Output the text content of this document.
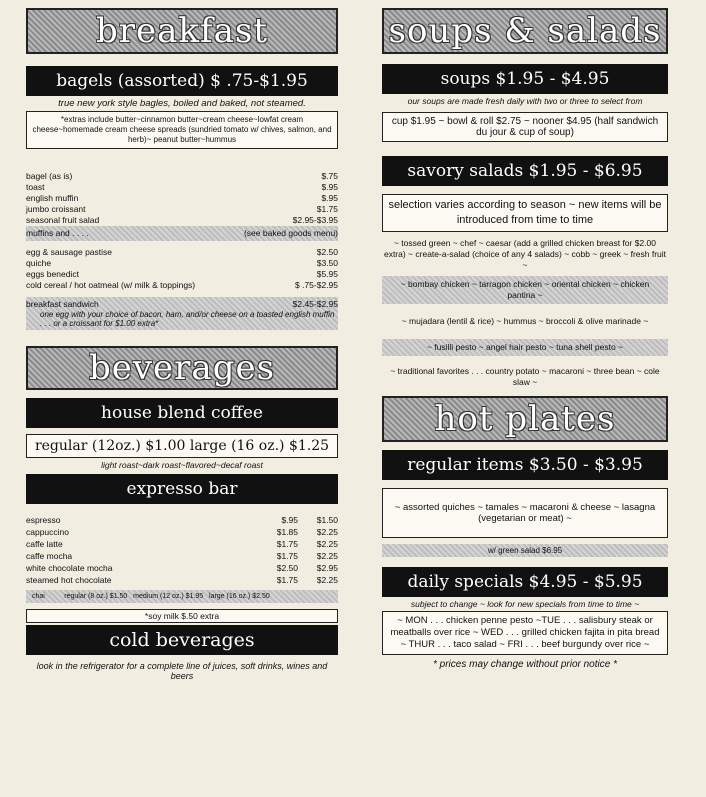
breakfast
bagels (assorted) $ .75-$1.95
true new york style bagles, boiled and baked, not steamed.
*extras include butter~cinnamon butter~cream cheese~lowfat cream cheese~homemade cream cheese spreads (sundried tomato w/ chives, salmon, and herb)~ peanut butter~hummus
bagel (as is)	$.75
toast	$.95
english muffin	$.95
jumbo croissant	$1.75
seasonal fruit salad	$2.95-$3.95
muffins and . . . .	(see baked goods menu)
egg & sausage pastise	$2.50
quiche	$3.50
eggs benedict	$5.95
cold cereal / hot oatmeal (w/ milk & toppings)	$ .75-$2.95
breakfast sandwich	$2.45-$2.95
one egg with your choice of bacon, ham, and/or cheese on a toasted english muffin . . . or a croissant for $1.00 extra*
beverages
house blend coffee
regular (12oz.) $1.00 large (16 oz.) $1.25
light roast~dark roast~flavored~decaf roast
expresso bar
espresso	$.95	$1.50
cappuccino	$1.85	$2.25
caffe latte	$1.75	$2.25
caffe mocha	$1.75	$2.25
white chocolate mocha	$2.50	$2.95
steamed hot chocolate	$1.75	$2.25
chai          regular (8 oz.) $1.50   medium (12 oz.) $1.95   large (16 oz.) $2.50
*soy milk $.50 extra
cold beverages
look in the refrigerator for a complete line of juices, soft drinks, wines and beers
soups & salads
soups $1.95 - $4.95
our soups are made fresh daily with two or three to select from
cup $1.95 ~ bowl & roll $2.75 ~ nooner $4.95 (half sandwich du jour & cup of soup)
savory salads $1.95 - $6.95
selection varies according to season ~ new items will be introduced from time to time
~ tossed green ~ chef ~ caesar (add a grilled chicken breast for $2.00 extra) ~ create-a-salad (choice of any 4 salads) ~ cobb ~ greek ~ fresh fruit ~
~ bombay chicken ~ tarragon chicken ~ oriental chicken ~ chicken pantina ~
~ mujadara (lentil & rice) ~ hummus ~ broccoli & olive marinade ~
~ fusilli pesto ~ angel hair pesto ~ tuna shell pesto ~
~ traditional favorites . . . country potato ~ macaroni ~ three bean ~ cole slaw ~
hot plates
regular items $3.50 - $3.95
~ assorted quiches ~ tamales ~ macaroni & cheese ~ lasagna (vegetarian or meat) ~
w/ green salad $6.95
daily specials $4.95 - $5.95
subject to change ~ look for new specials from time to time ~
~ MON . . . chicken penne pesto ~TUE . . . salisbury steak or meatballs over rice ~ WED . . . grilled chicken fajita in pita bread ~ THUR . . . taco salad ~ FRI . . . beef burgundy over rice ~
* prices may change without prior notice *
